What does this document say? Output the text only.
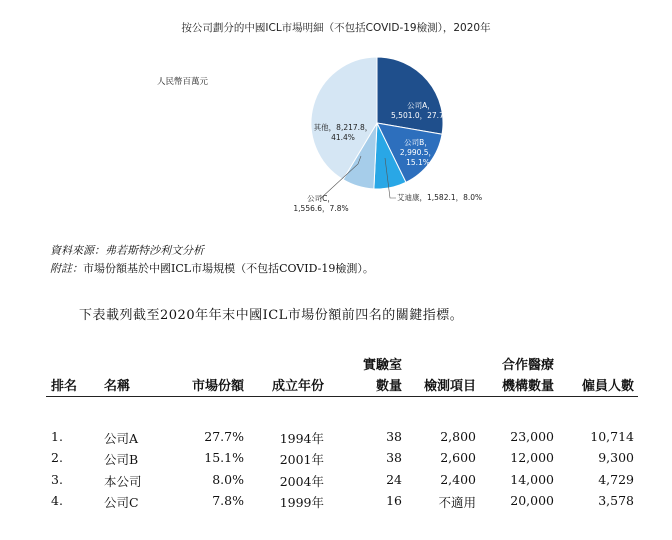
按公司劃分的中國ICL市場明細（不包括COVID-19檢測），2020年
人民幣百萬元
公司A，
5,501.0，27.7%
公司B，
2,990.5，
15.1%
其他，8,217.8，
41.4%
艾迪康，1,582.1，8.0%
公司C，
1,556.6，7.8%
資料來源：弗若斯特沙利文分析
附註：市場份額基於中國ICL市場規模（不包括COVID-19檢測）。
下表載列截至2020年年末中國ICL市場份額前四名的關鍵指標。
實驗室	合作醫療
排名 名稱	市場份額	成立年份	數量	檢測項目	機構數量	僱員人數
1.	公司A	27.7%	1994年	38	2,800	23,000	10,714
2.	公司B	15.1%	2001年	38	2,600	12,000	9,300
3.	本公司	8.0%	2004年	24	2,400	14,000	4,729
4.	公司C	7.8%	1999年	16	不適用	20,000	3,578
